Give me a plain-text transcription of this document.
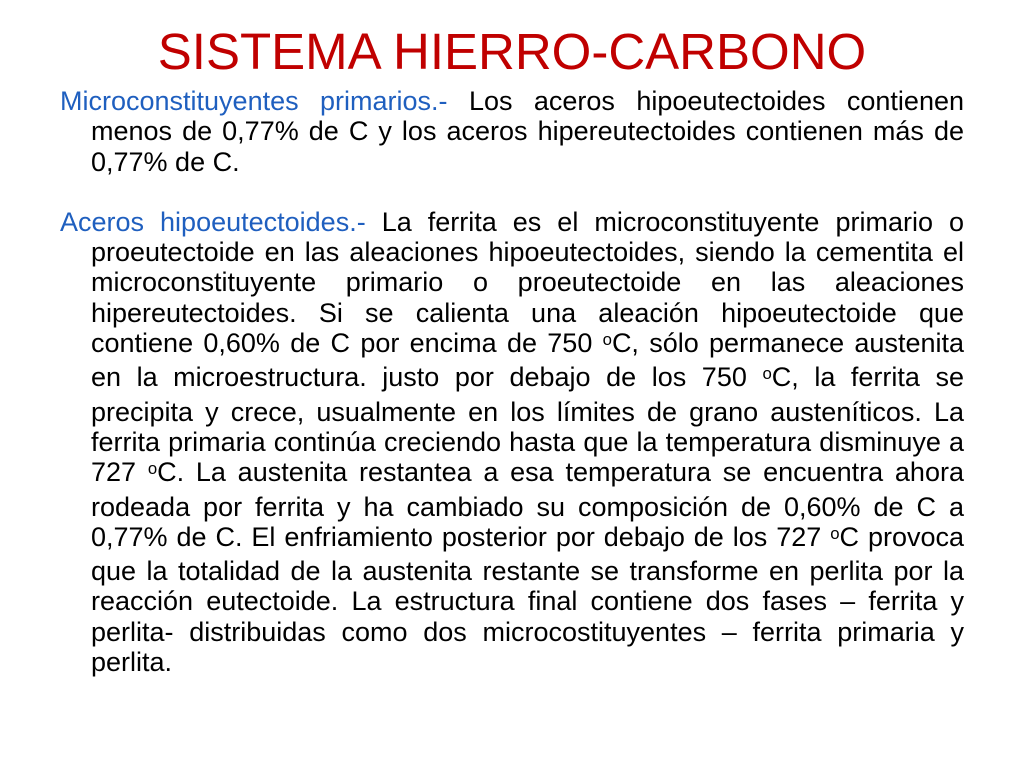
SISTEMA HIERRO-CARBONO

Microconstituyentes primarios.- Los aceros hipoeutectoides contienen menos de 0,77% de C y los aceros hipereutectoides contienen más de 0,77% de C.

Aceros hipoeutectoides.- La ferrita es el microconstituyente primario o proeutectoide en las aleaciones hipoeutectoides, siendo la cementita el microconstituyente primario o proeutectoide en las aleaciones hipereutectoides. Si se calienta una aleación hipoeutectoide que contiene 0,60% de C por encima de 750 $^o$C, sólo permanece austenita en la microestructura. justo por debajo de los 750 $^o$C, la ferrita se precipita y crece, usualmente en los límites de grano austeníticos. La ferrita primaria continúa creciendo hasta que la temperatura disminuye a 727 $^o$C. La austenita restantea a esa temperatura se encuentra ahora rodeada por ferrita y ha cambiado su composición de 0,60% de C a 0,77% de C. El enfriamiento posterior por debajo de los 727 $^o$C provoca que la totalidad de la austenita restante se transforme en perlita por la reacción eutectoide. La estructura final contiene dos fases – ferrita y perlita- distribuidas como dos microcostituyentes – ferrita primaria y perlita.
